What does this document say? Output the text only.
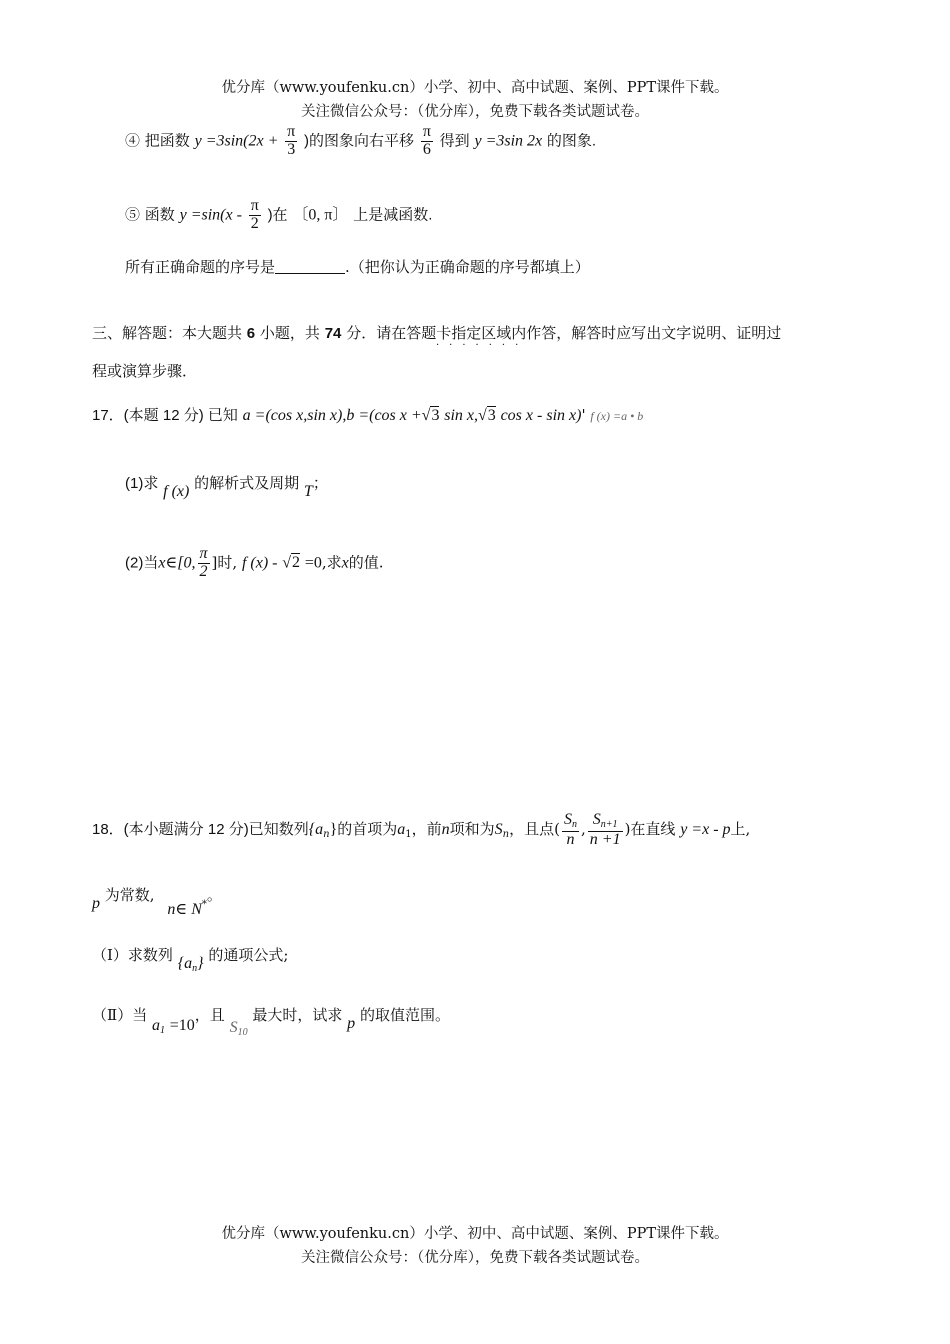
优分库（www.youfenku.cn）小学、初中、高中试题、案例、PPT课件下载。
关注微信公众号：（优分库），免费下载各类试题试卷。
④ 把函数 $y =3\sin(2x + \frac{\pi}{3}$ )的图象向右平移 $\frac{\pi}{6}$ 得到 y =3sin 2x 的图象.
⑤ 函数 $y =\sin(x - \frac{\pi}{2}$ )在 〔0, π〕 上是减函数.
所有正确命题的序号是	.（把你认为正确命题的序号都填上）
三、解答题：本大题共 6 小题，共 74 分．请在答题卡指定区域内作答，解答时应写出文字说明、证明过
·······
程或演算步骤．
17．(本题 12 分) 已知 a =(cos x,sin x),b =(cos x +√3 sin x,√3 cos x - sin x)' f (x) =a • b
(1)求 f (x) 的解析式及周期 T；
(2)当x∈[0, $\frac{\pi}{2}$ ]时, f (x) - √2 =0,求x的值.
18．(本小题满分 12 分)已知数列$\{a_n\}$的首项为$a_1$，前n项和为$S_n$，且点( $\frac{S_n}{n}$ , $\frac{S_{n+1}}{n +1}$ )在直线 y =x - p上,
p 为常数, n∈ $N_*$。
（Ⅰ）求数列 $\{a_n\}$ 的通项公式;
（Ⅱ）当 $a_1 =10$，且 $S_{10}$ 最大时，试求 p 的取值范围。
优分库（www.youfenku.cn）小学、初中、高中试题、案例、PPT课件下载。
关注微信公众号：（优分库），免费下载各类试题试卷。
